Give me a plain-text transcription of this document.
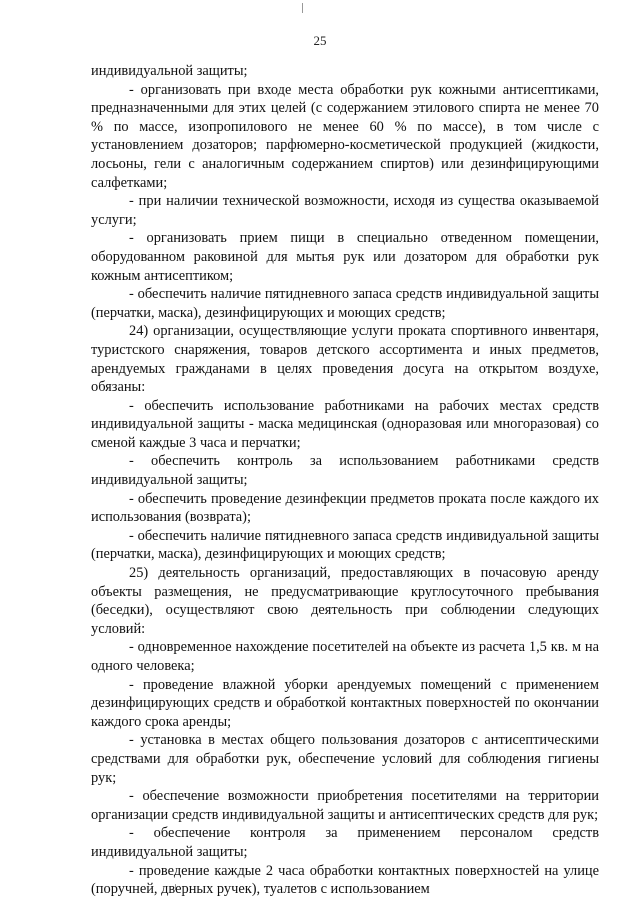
25

индивидуальной защиты;

- организовать при входе места обработки рук кожными антисептиками, предназначенными для этих целей (с содержанием этилового спирта не менее 70 % по массе, изопропилового не менее 60 % по массе), в том числе с установлением дозаторов; парфюмерно-косметической продукцией (жидкости, лосьоны, гели с аналогичным содержанием спиртов) или дезинфицирующими салфетками;

- при наличии технической возможности, исходя из существа оказываемой услуги;

- организовать прием пищи в специально отведенном помещении, оборудованном раковиной для мытья рук или дозатором для обработки рук кожным антисептиком;

- обеспечить наличие пятидневного запаса средств индивидуальной защиты (перчатки, маска), дезинфицирующих и моющих средств;

24) организации, осуществляющие услуги проката спортивного инвентаря, туристского снаряжения, товаров детского ассортимента и иных предметов, арендуемых гражданами в целях проведения досуга на открытом воздухе, обязаны:

- обеспечить использование работниками на рабочих местах средств индивидуальной защиты - маска медицинская (одноразовая или многоразовая) со сменой каждые 3 часа и перчатки;

- обеспечить контроль за использованием работниками средств индивидуальной защиты;

- обеспечить проведение дезинфекции предметов проката после каждого их использования (возврата);

- обеспечить наличие пятидневного запаса средств индивидуальной защиты (перчатки, маска), дезинфицирующих и моющих средств;

25) деятельность организаций, предоставляющих в почасовую аренду объекты размещения, не предусматривающие круглосуточного пребывания (беседки), осуществляют свою деятельность при соблюдении следующих условий:

- одновременное нахождение посетителей на объекте из расчета 1,5 кв. м на одного человека;

- проведение влажной уборки арендуемых помещений с применением дезинфицирующих средств и обработкой контактных поверхностей по окончании каждого срока аренды;

- установка в местах общего пользования дозаторов с антисептическими средствами для обработки рук, обеспечение условий для соблюдения гигиены рук;

- обеспечение возможности приобретения посетителями на территории организации средств индивидуальной защиты и антисептических средств для рук;

- обеспечение контроля за применением персоналом средств индивидуальной защиты;

- проведение каждые 2 часа обработки контактных поверхностей на улице (поручней, дверных ручек), туалетов с использованием
